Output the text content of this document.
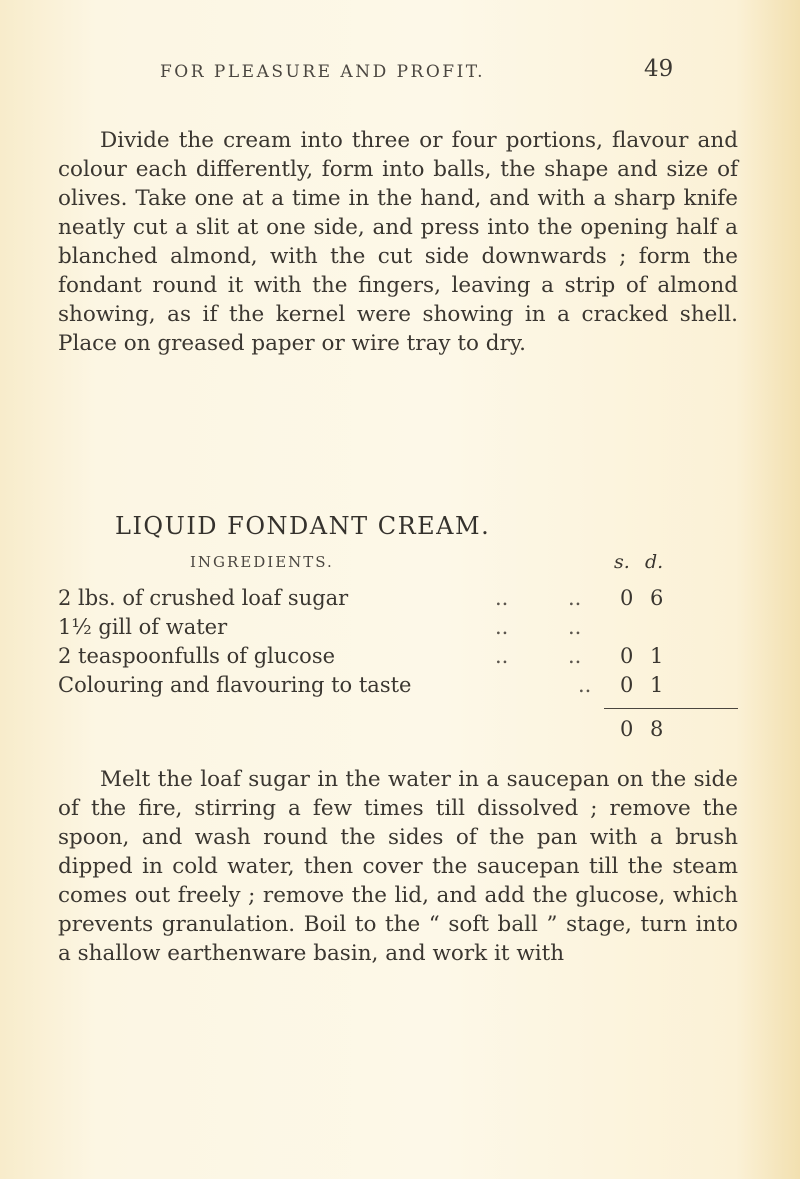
FOR PLEASURE AND PROFIT.	49

Divide the cream into three or four portions, flavour and colour each differently, form into balls, the shape and size of olives. Take one at a time in the hand, and with a sharp knife neatly cut a slit at one side, and press into the opening half a blanched almond, with the cut side downwards ; form the fondant round it with the fingers, leaving a strip of almond showing, as if the kernel were showing in a cracked shell. Place on greased paper or wire tray to dry.

LIQUID FONDANT CREAM.
INGREDIENTS.	s. d.
2 lbs. of crushed loaf sugar	..	.. 0 6
1½ gill of water	..	..
2 teaspoonfulls of glucose	..	.. 0 1
Colouring and flavouring to taste	.. 0 1
0 8

Melt the loaf sugar in the water in a saucepan on the side of the fire, stirring a few times till dissolved ; remove the spoon, and wash round the sides of the pan with a brush dipped in cold water, then cover the saucepan till the steam comes out freely ; remove the lid, and add the glucose, which prevents granulation. Boil to the “ soft ball ” stage, turn into a shallow earthenware basin, and work it with
